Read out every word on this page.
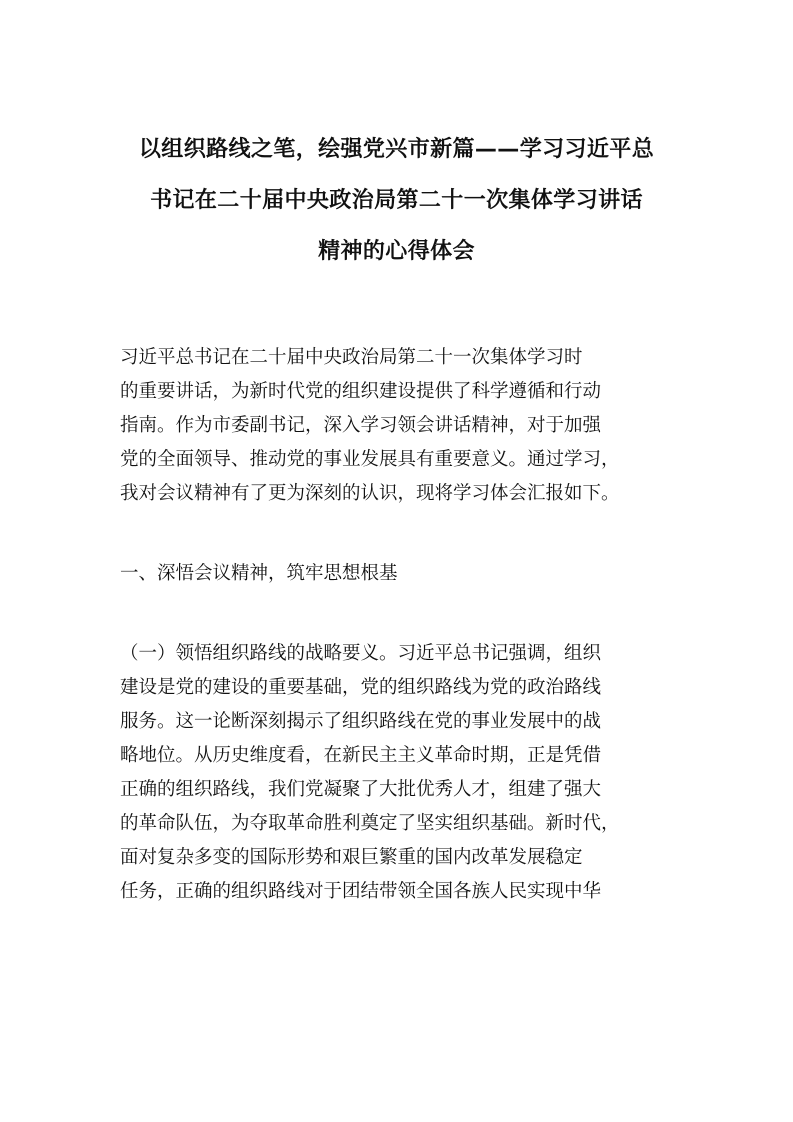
以组织路线之笔，绘强党兴市新篇——学习习近平总
书记在二十届中央政治局第二十一次集体学习讲话
精神的心得体会
习近平总书记在二十届中央政治局第二十一次集体学习时
的重要讲话，为新时代党的组织建设提供了科学遵循和行动
指南。作为市委副书记，深入学习领会讲话精神，对于加强
党的全面领导、推动党的事业发展具有重要意义。通过学习，
我对会议精神有了更为深刻的认识，现将学习体会汇报如下。
一、深悟会议精神，筑牢思想根基
（一）领悟组织路线的战略要义。习近平总书记强调，组织
建设是党的建设的重要基础，党的组织路线为党的政治路线
服务。这一论断深刻揭示了组织路线在党的事业发展中的战
略地位。从历史维度看，在新民主主义革命时期，正是凭借
正确的组织路线，我们党凝聚了大批优秀人才，组建了强大
的革命队伍，为夺取革命胜利奠定了坚实组织基础。新时代，
面对复杂多变的国际形势和艰巨繁重的国内改革发展稳定
任务，正确的组织路线对于团结带领全国各族人民实现中华
